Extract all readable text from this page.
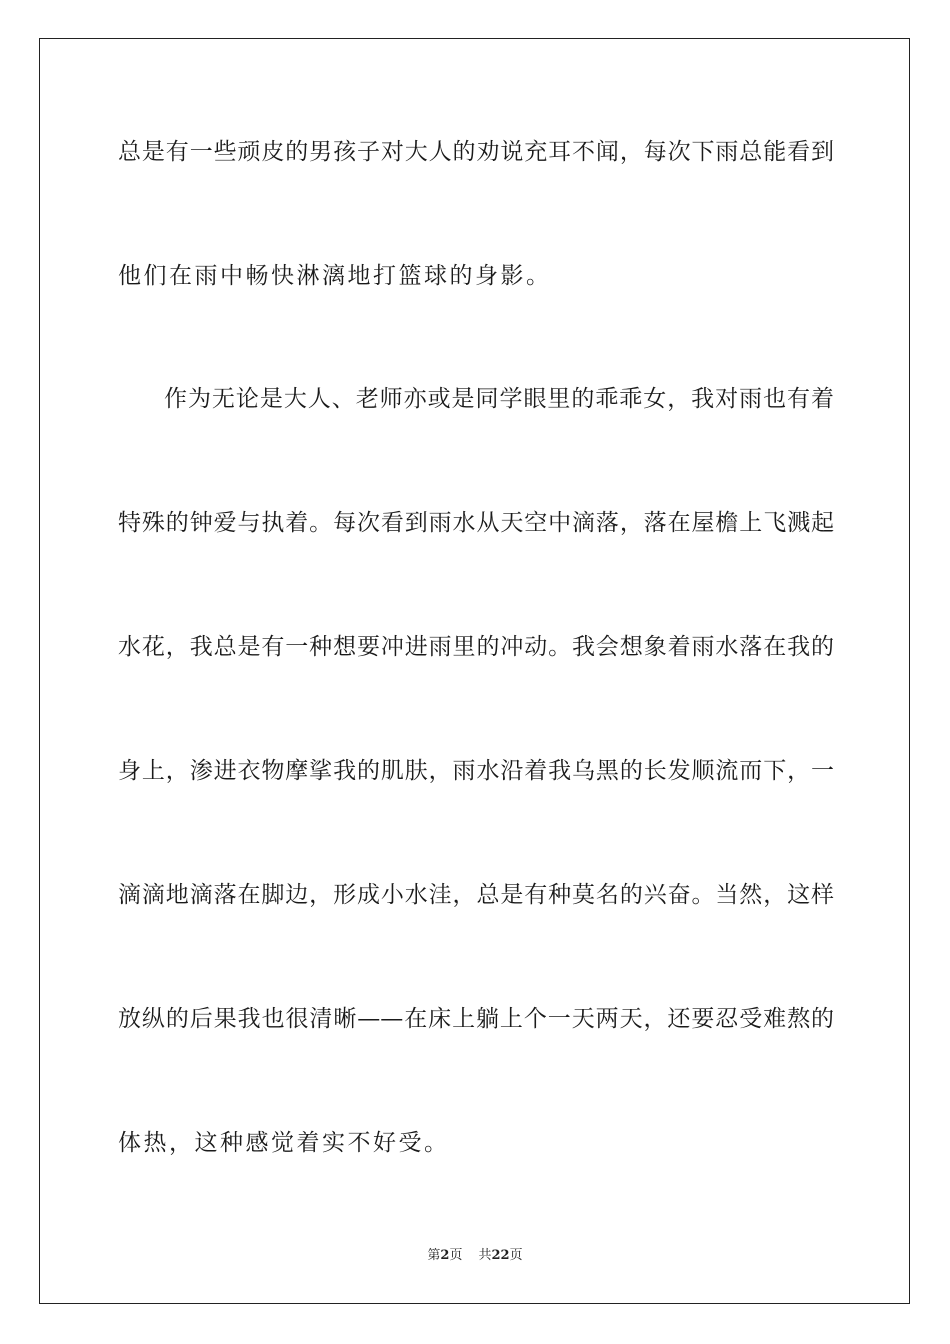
总是有一些顽皮的男孩子对大人的劝说充耳不闻，每次下雨总能看到
他们在雨中畅快淋漓地打篮球的身影。
作为无论是大人、老师亦或是同学眼里的乖乖女，我对雨也有着
特殊的钟爱与执着。每次看到雨水从天空中滴落，落在屋檐上飞溅起
水花，我总是有一种想要冲进雨里的冲动。我会想象着雨水落在我的
身上，渗进衣物摩挲我的肌肤，雨水沿着我乌黑的长发顺流而下，一
滴滴地滴落在脚边，形成小水洼，总是有种莫名的兴奋。当然，这样
放纵的后果我也很清晰——在床上躺上个一天两天，还要忍受难熬的
体热，这种感觉着实不好受。
第2页 共22页
